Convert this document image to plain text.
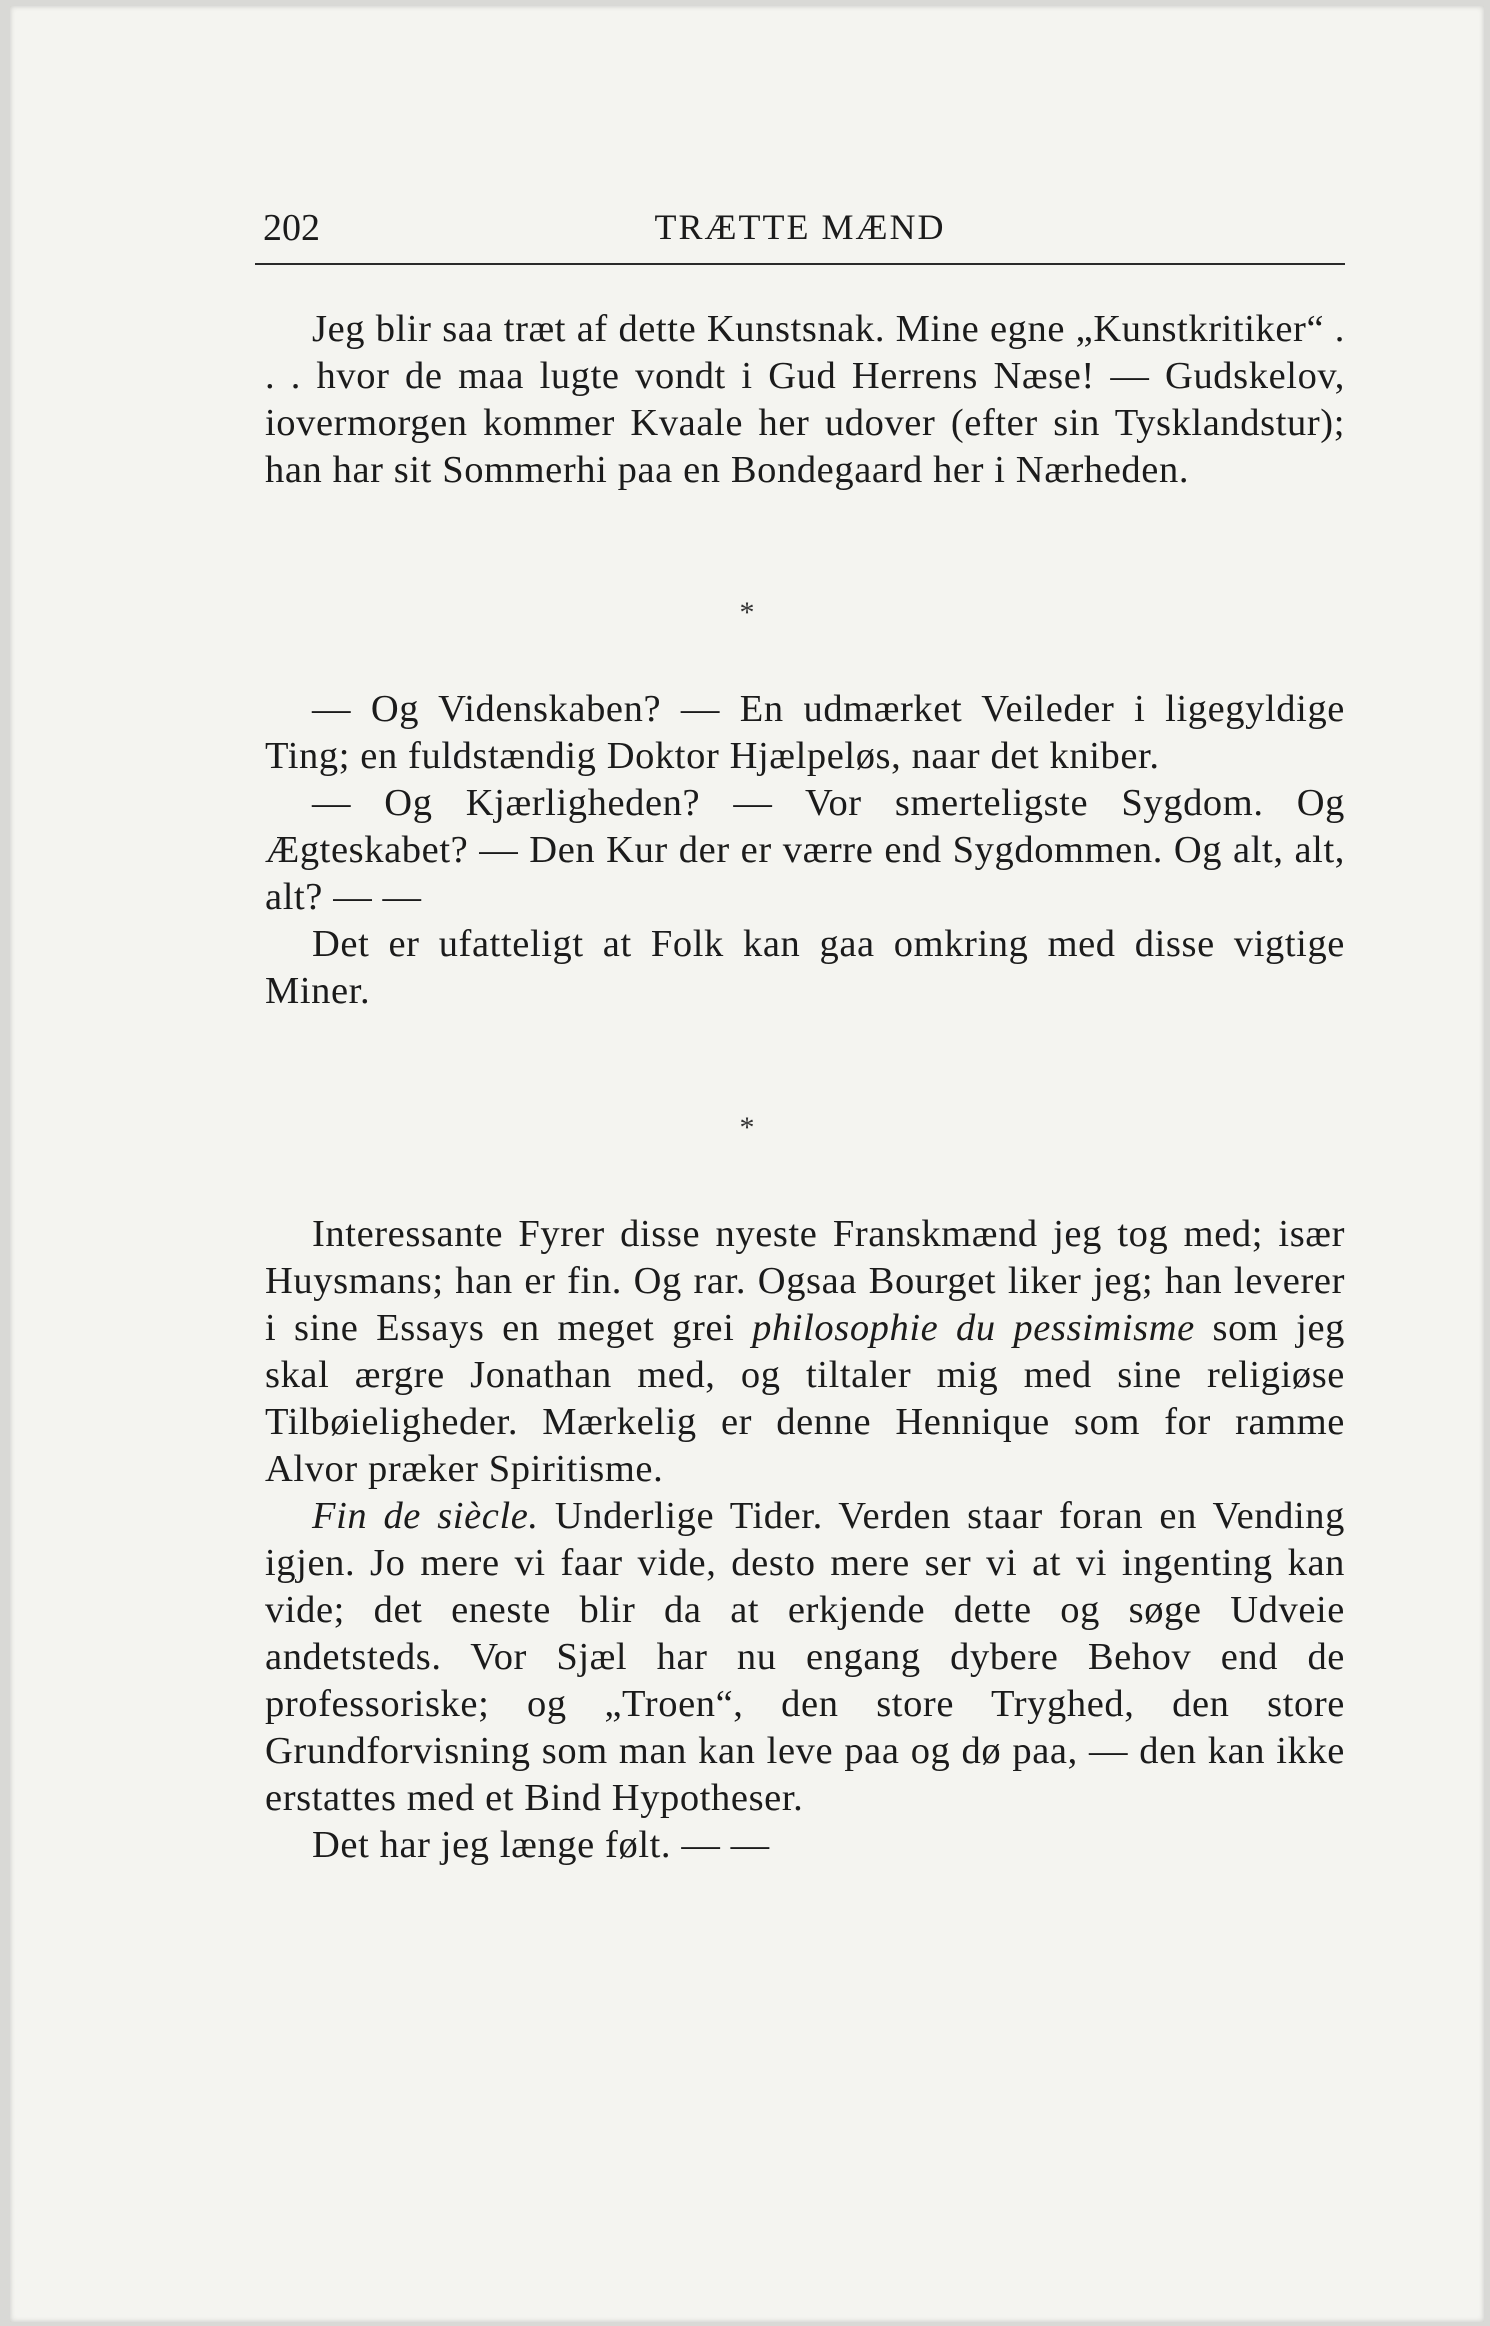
202	TRÆTTE MÆND

Jeg blir saa træt af dette Kunstsnak. Mine egne „Kunstkritiker“ . . . hvor de maa lugte vondt i Gud Herrens Næse! — Gudskelov, iovermorgen kommer Kvaale her udover (efter sin Tysklandstur); han har sit Sommerhi paa en Bondegaard her i Nærheden.

*

— Og Videnskaben? — En udmærket Veileder i ligegyldige Ting; en fuldstændig Doktor Hjælpeløs, naar det kniber.

— Og Kjærligheden? — Vor smerteligste Sygdom. Og Ægteskabet? — Den Kur der er værre end Sygdommen. Og alt, alt, alt? — —

Det er ufatteligt at Folk kan gaa omkring med disse vigtige Miner.

*

Interessante Fyrer disse nyeste Franskmænd jeg tog med; især Huysmans; han er fin. Og rar. Ogsaa Bourget liker jeg; han leverer i sine Essays en meget grei philosophie du pessimisme som jeg skal ærgre Jonathan med, og tiltaler mig med sine religiøse Tilbøieligheder. Mærkelig er denne Hennique som for ramme Alvor præker Spiritisme.

Fin de siècle. Underlige Tider. Verden staar foran en Vending igjen. Jo mere vi faar vide, desto mere ser vi at vi ingenting kan vide; det eneste blir da at erkjende dette og søge Udveie andetsteds. Vor Sjæl har nu engang dybere Behov end de professoriske; og „Troen“, den store Tryghed, den store Grundforvisning som man kan leve paa og dø paa, — den kan ikke erstattes med et Bind Hypotheser.

Det har jeg længe følt. — —
